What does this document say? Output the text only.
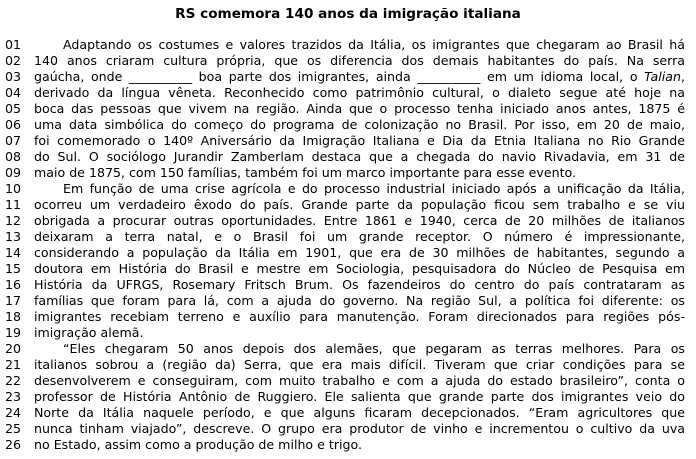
RS comemora 140 anos da imigração italiana
01	Adaptando os costumes e valores trazidos da Itália, os imigrantes que chegaram ao Brasil há
02	140 anos criaram cultura própria, que os diferencia dos demais habitantes do país. Na serra
03	gaúcha, onde __________ boa parte dos imigrantes, ainda __________ em um idioma local, o Talian,
04	derivado da língua vêneta. Reconhecido como patrimônio cultural, o dialeto segue até hoje na
05	boca das pessoas que vivem na região. Ainda que o processo tenha iniciado anos antes, 1875 é
06	uma data simbólica do começo do programa de colonização no Brasil. Por isso, em 20 de maio,
07	foi comemorado o 140º Aniversário da Imigração Italiana e Dia da Etnia Italiana no Rio Grande
08	do Sul. O sociólogo Jurandir Zamberlam destaca que a chegada do navio Rivadavia, em 31 de
09	maio de 1875, com 150 famílias, também foi um marco importante para esse evento.
10	Em função de uma crise agrícola e do processo industrial iniciado após a unificação da Itália,
11	ocorreu um verdadeiro êxodo do país. Grande parte da população ficou sem trabalho e se viu
12	obrigada a procurar outras oportunidades. Entre 1861 e 1940, cerca de 20 milhões de italianos
13	deixaram a terra natal, e o Brasil foi um grande receptor. O número é impressionante,
14	considerando a população da Itália em 1901, que era de 30 milhões de habitantes, segundo a
15	doutora em História do Brasil e mestre em Sociologia, pesquisadora do Núcleo de Pesquisa em
16	História da UFRGS, Rosemary Fritsch Brum. Os fazendeiros do centro do país contrataram as
17	famílias que foram para lá, com a ajuda do governo. Na região Sul, a política foi diferente: os
18	imigrantes recebiam terreno e auxílio para manutenção. Foram direcionados para regiões pós-
19	imigração alemã.
20	“Eles chegaram 50 anos depois dos alemães, que pegaram as terras melhores. Para os
21	italianos sobrou a (região da) Serra, que era mais difícil. Tiveram que criar condições para se
22	desenvolverem e conseguiram, com muito trabalho e com a ajuda do estado brasileiro”, conta o
23	professor de História Antônio de Ruggiero. Ele salienta que grande parte dos imigrantes veio do
24	Norte da Itália naquele período, e que alguns ficaram decepcionados. “Eram agricultores que
25	nunca tinham viajado”, descreve. O grupo era produtor de vinho e incrementou o cultivo da uva
26	no Estado, assim como a produção de milho e trigo.
